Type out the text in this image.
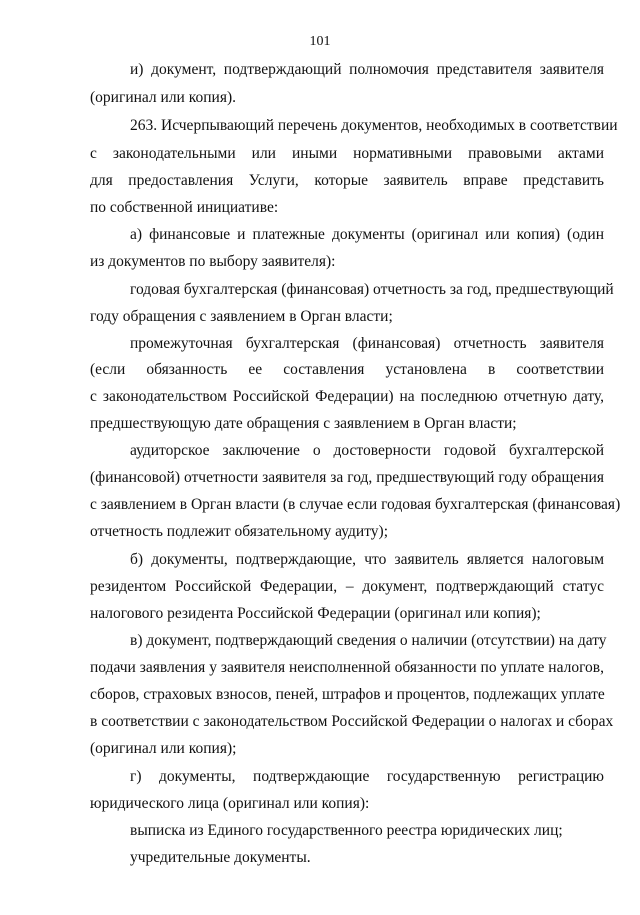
101
и) документ, подтверждающий полномочия представителя заявителя
(оригинал или копия).
263. Исчерпывающий перечень документов, необходимых в соответствии
с законодательными или иными нормативными правовыми актами
для предоставления Услуги, которые заявитель вправе представить
по собственной инициативе:
а) финансовые и платежные документы (оригинал или копия) (один
из документов по выбору заявителя):
годовая бухгалтерская (финансовая) отчетность за год, предшествующий
году обращения с заявлением в Орган власти;
промежуточная бухгалтерская (финансовая) отчетность заявителя
(если обязанность ее составления установлена в соответствии
с законодательством Российской Федерации) на последнюю отчетную дату,
предшествующую дате обращения с заявлением в Орган власти;
аудиторское заключение о достоверности годовой бухгалтерской
(финансовой) отчетности заявителя за год, предшествующий году обращения
с заявлением в Орган власти (в случае если годовая бухгалтерская (финансовая)
отчетность подлежит обязательному аудиту);
б) документы, подтверждающие, что заявитель является налоговым
резидентом Российской Федерации, – документ, подтверждающий статус
налогового резидента Российской Федерации (оригинал или копия);
в) документ, подтверждающий сведения о наличии (отсутствии) на дату
подачи заявления у заявителя неисполненной обязанности по уплате налогов,
сборов, страховых взносов, пеней, штрафов и процентов, подлежащих уплате
в соответствии с законодательством Российской Федерации о налогах и сборах
(оригинал или копия);
г) документы, подтверждающие государственную регистрацию
юридического лица (оригинал или копия):
выписка из Единого государственного реестра юридических лиц;
учредительные документы.
